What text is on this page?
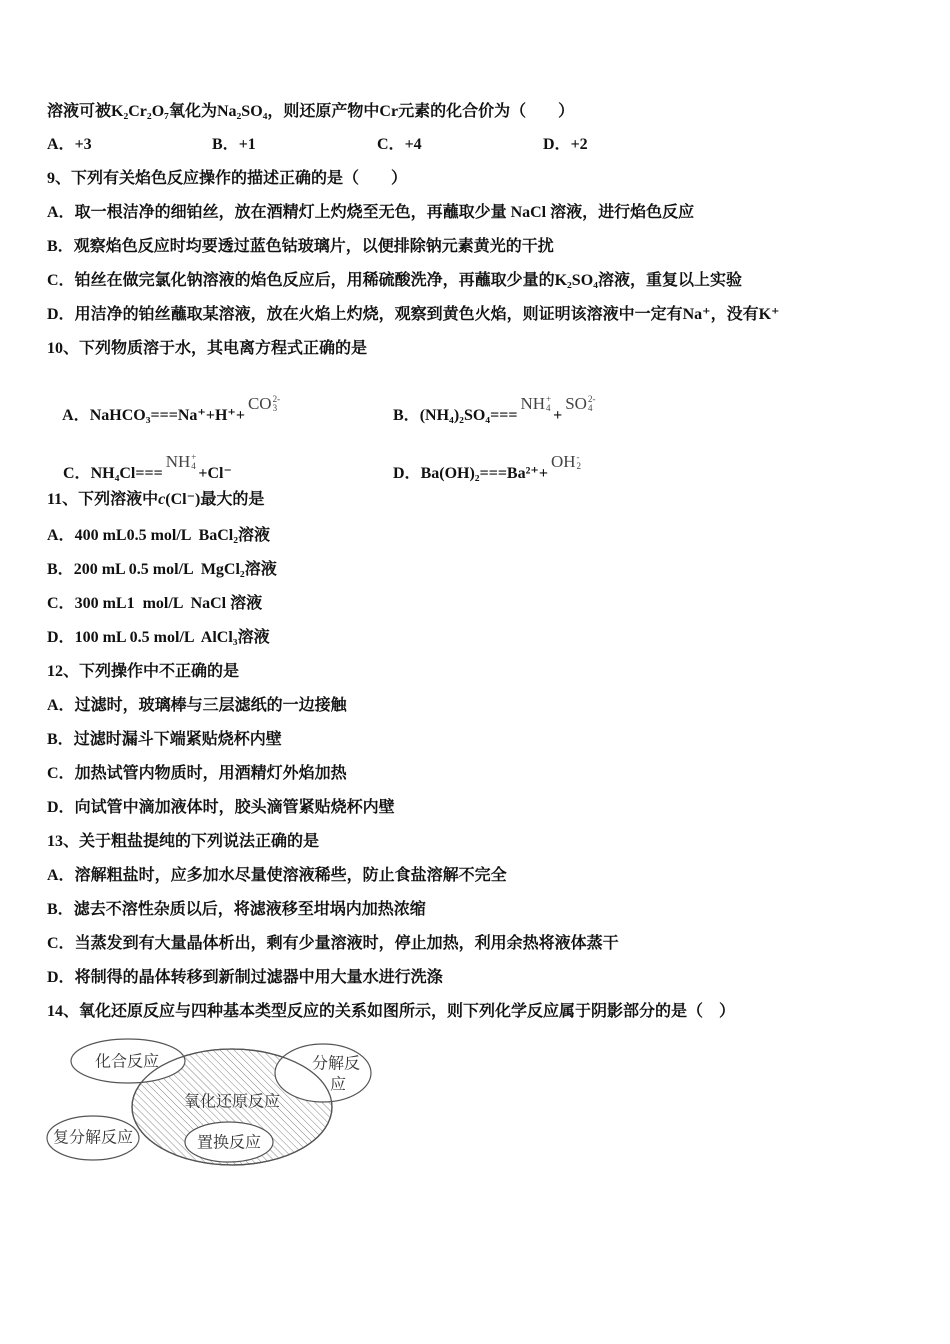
溶液可被K₂Cr₂O₇氧化为Na₂SO₄，则还原产物中Cr元素的化合价为（　　）
A．+3	B．+1	C．+4	D．+2
9、下列有关焰色反应操作的描述正确的是（　　）
A．取一根洁净的细铂丝，放在酒精灯上灼烧至无色，再蘸取少量 NaCl 溶液，进行焰色反应
B．观察焰色反应时均要透过蓝色钴玻璃片，以便排除钠元素黄光的干扰
C．铂丝在做完氯化钠溶液的焰色反应后，用稀硫酸洗净，再蘸取少量的K₂SO₄溶液，重复以上实验
D．用洁净的铂丝蘸取某溶液，放在火焰上灼烧，观察到黄色火焰，则证明该溶液中一定有Na⁺，没有K⁺
10、下列物质溶于水，其电离方程式正确的是

A．NaHCO₃===Na⁺+H⁺+CO 2-
3

	B．(NH₄)₂SO₄===NH +
4 +SO 2-
4

C．NH₄Cl===NH +
4 +Cl⁻
	D．Ba(OH)₂===Ba²⁺+OH -
2

11、下列溶液中c(Cl⁻)最大的是
A．400 mL0.5 mol/L  BaCl₂溶液
B．200 mL 0.5 mol/L  MgCl₂溶液
C．300 mL1  mol/L  NaCl 溶液
D．100 mL 0.5 mol/L  AlCl₃溶液
12、下列操作中不正确的是
A．过滤时，玻璃棒与三层滤纸的一边接触
B．过滤时漏斗下端紧贴烧杯内壁
C．加热试管内物质时，用酒精灯外焰加热
D．向试管中滴加液体时，胶头滴管紧贴烧杯内壁
13、关于粗盐提纯的下列说法正确的是
A．溶解粗盐时，应多加水尽量使溶液稀些，防止食盐溶解不完全
B．滤去不溶性杂质以后，将滤液移至坩埚内加热浓缩
C．当蒸发到有大量晶体析出，剩有少量溶液时，停止加热，利用余热将液体蒸干
D．将制得的晶体转移到新制过滤器中用大量水进行洗涤
14、氧化还原反应与四种基本类型反应的关系如图所示，则下列化学反应属于阴影部分的是（　）
氧化还原反应
化合反应	分解反
应
复分解反应	置换反应
